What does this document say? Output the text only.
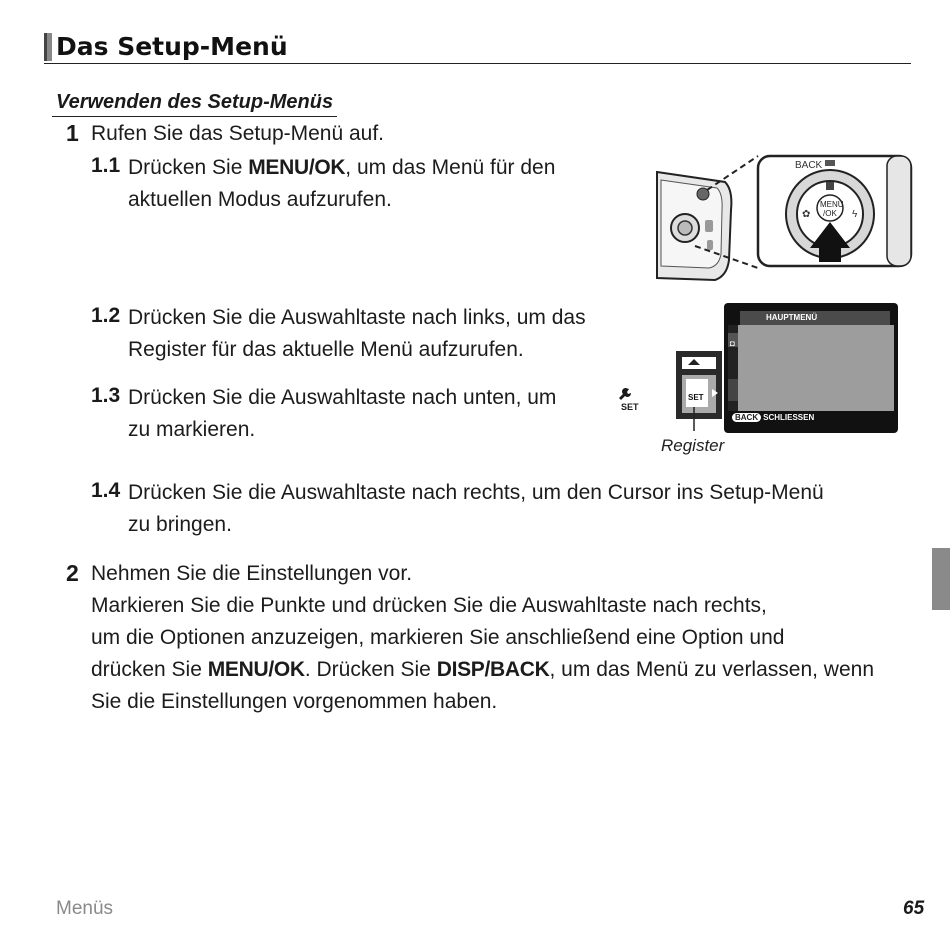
Das Setup-Menü
Verwenden des Setup-Menüs
1 Rufen Sie das Setup-Menü auf.
1.1 Drücken Sie MENU/OK, um das Menü für den
aktuellen Modus aufzurufen.
1.2 Drücken Sie die Auswahltaste nach links, um das
Register für das aktuelle Menü aufzurufen.
1.3 Drücken Sie die Auswahltaste nach unten, um	SET
zu markieren.
1.4 Drücken Sie die Auswahltaste nach rechts, um den Cursor ins Setup-Menü
zu bringen.
2 Nehmen Sie die Einstellungen vor.
Markieren Sie die Punkte und drücken Sie die Auswahltaste nach rechts,
um die Optionen anzuzeigen, markieren Sie anschließend eine Option und
drücken Sie MENU/OK. Drücken Sie DISP/BACK, um das Menü zu verlassen, wenn
Sie die Einstellungen vorgenommen haben.
BACK
MENU
/OK
✿	ϟ
◘
SET
HAUPTMENÜ
BACK SCHLIESSEN
Register
Menüs	65
